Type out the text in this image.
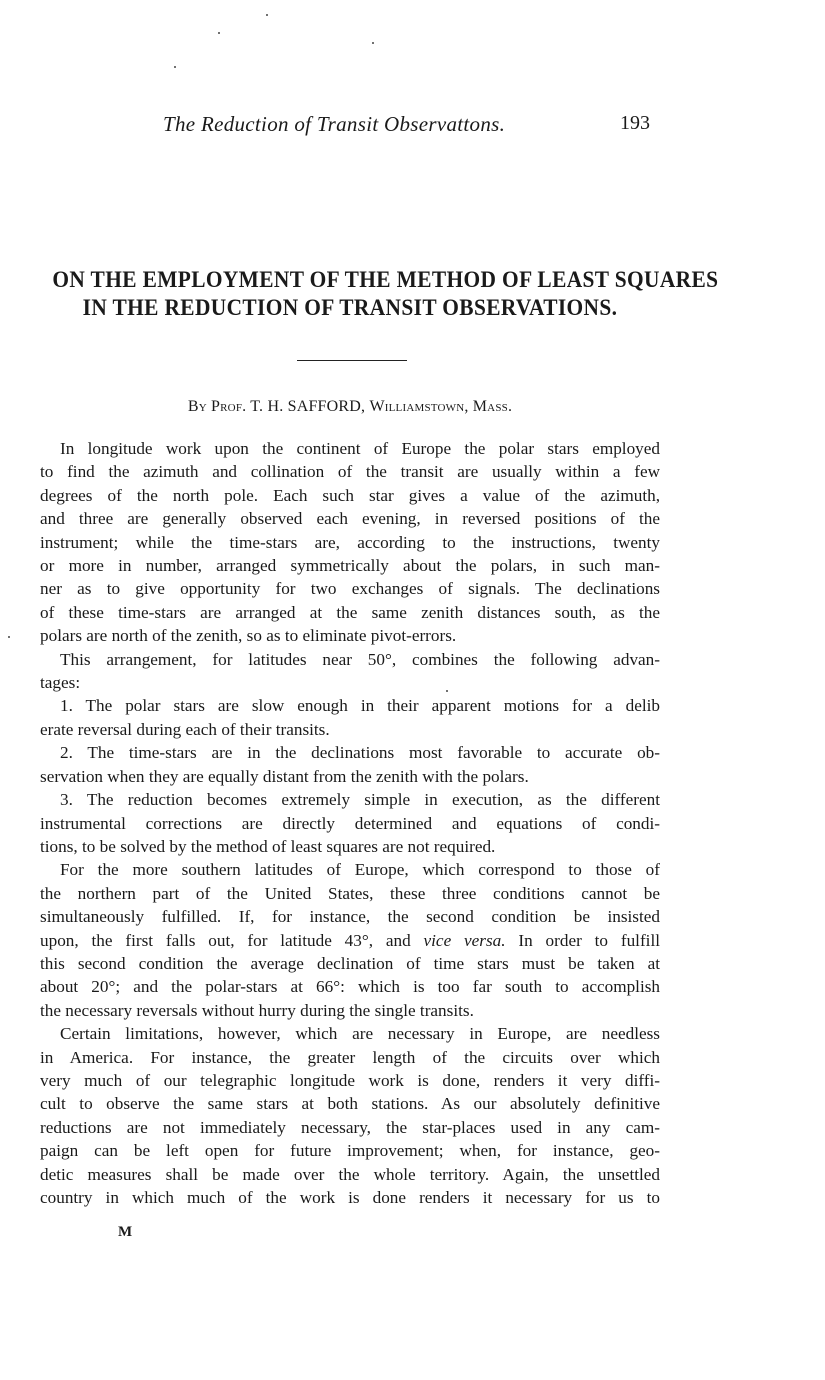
The Reduction of Transit Observattons.	193
ON THE EMPLOYMENT OF THE METHOD OF LEAST SQUARES
IN THE REDUCTION OF TRANSIT OBSERVATIONS.
By Prof. T. H. SAFFORD, Williamstown, Mass.
In longitude work upon the continent of Europe the polar stars employed
to find the azimuth and collination of the transit are usually within a few
degrees of the north pole. Each such star gives a value of the azimuth,
and three are generally observed each evening, in reversed positions of the
instrument; while the time-stars are, according to the instructions, twenty
or more in number, arranged symmetrically about the polars, in such man-
ner as to give opportunity for two exchanges of signals. The declinations
of these time-stars are arranged at the same zenith distances south, as the
polars are north of the zenith, so as to eliminate pivot-errors.
This arrangement, for latitudes near 50°, combines the following advan-
tages:
1. The polar stars are slow enough in their apparent motions for a delib
erate reversal during each of their transits.
2. The time-stars are in the declinations most favorable to accurate ob-
servation when they are equally distant from the zenith with the polars.
3. The reduction becomes extremely simple in execution, as the different
instrumental corrections are directly determined and equations of condi-
tions, to be solved by the method of least squares are not required.
For the more southern latitudes of Europe, which correspond to those of
the northern part of the United States, these three conditions cannot be
simultaneously fulfilled. If, for instance, the second condition be insisted
upon, the first falls out, for latitude 43°, and vice versa. In order to fulfill
this second condition the average declination of time stars must be taken at
about 20°; and the polar-stars at 66°: which is too far south to accomplish
the necessary reversals without hurry during the single transits.
Certain limitations, however, which are necessary in Europe, are needless
in America. For instance, the greater length of the circuits over which
very much of our telegraphic longitude work is done, renders it very diffi-
cult to observe the same stars at both stations. As our absolutely definitive
reductions are not immediately necessary, the star-places used in any cam-
paign can be left open for future improvement; when, for instance, geo-
detic measures shall be made over the whole territory. Again, the unsettled
country in which much of the work is done renders it necessary for us to
M
